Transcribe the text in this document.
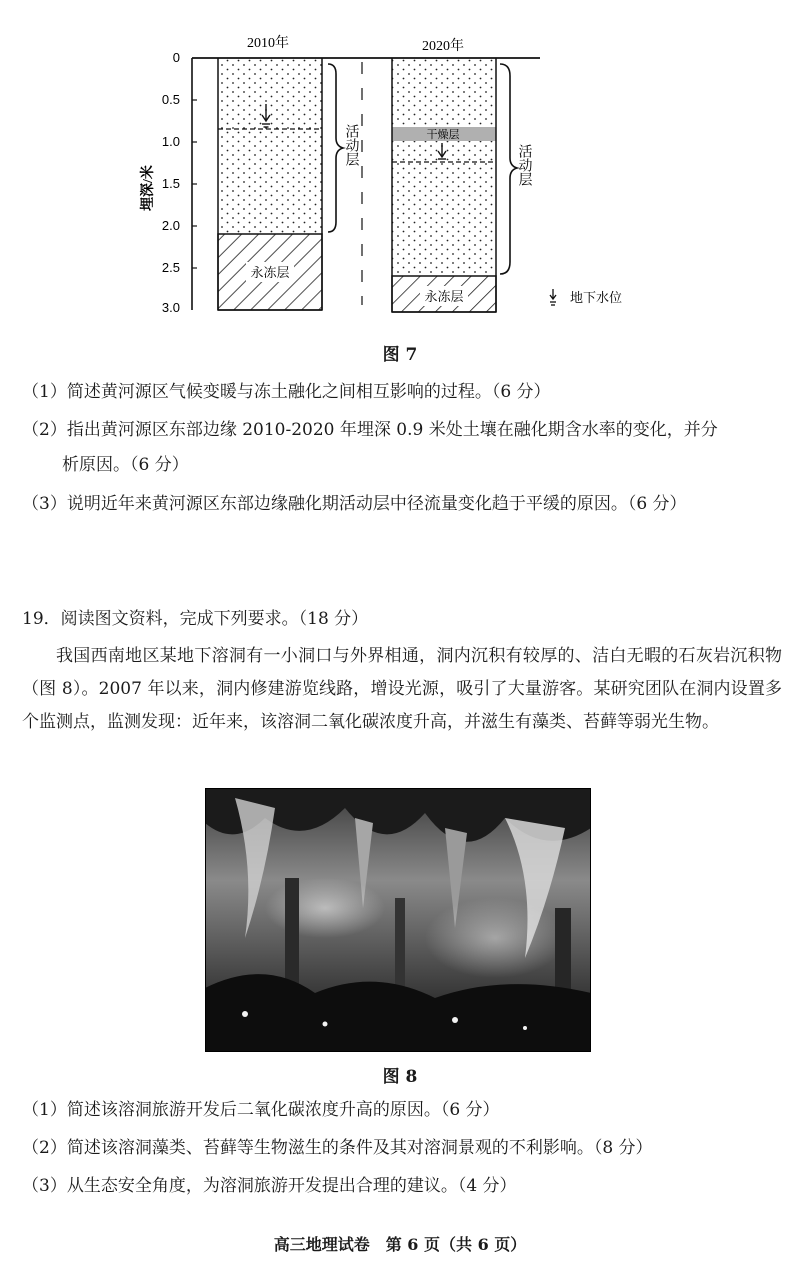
2010年	2020年
0
0.5
1.0
1.5
2.0
2.5
3.0
埋深/米
永冻层
活动层	干燥层
永冻层
活动层
地下水位
图 7
（1）简述黄河源区气候变暖与冻土融化之间相互影响的过程。（6 分）
（2）指出黄河源区东部边缘 2010-2020 年埋深 0.9 米处土壤在融化期含水率的变化，并分
析原因。（6 分）
（3）说明近年来黄河源区东部边缘融化期活动层中径流量变化趋于平缓的原因。（6 分）
19．阅读图文资料，完成下列要求。（18 分）
我国西南地区某地下溶洞有一小洞口与外界相通，洞内沉积有较厚的、洁白无暇的石灰岩沉积物（图 8）。2007 年以来，洞内修建游览线路，增设光源，吸引了大量游客。某研究团队在洞内设置多个监测点，监测发现：近年来，该溶洞二氧化碳浓度升高，并滋生有藻类、苔藓等弱光生物。
图 8
（1）简述该溶洞旅游开发后二氧化碳浓度升高的原因。（6 分）
（2）简述该溶洞藻类、苔藓等生物滋生的条件及其对溶洞景观的不利影响。（8 分）
（3）从生态安全角度，为溶洞旅游开发提出合理的建议。（4 分）
高三地理试卷　第 6 页（共 6 页）
